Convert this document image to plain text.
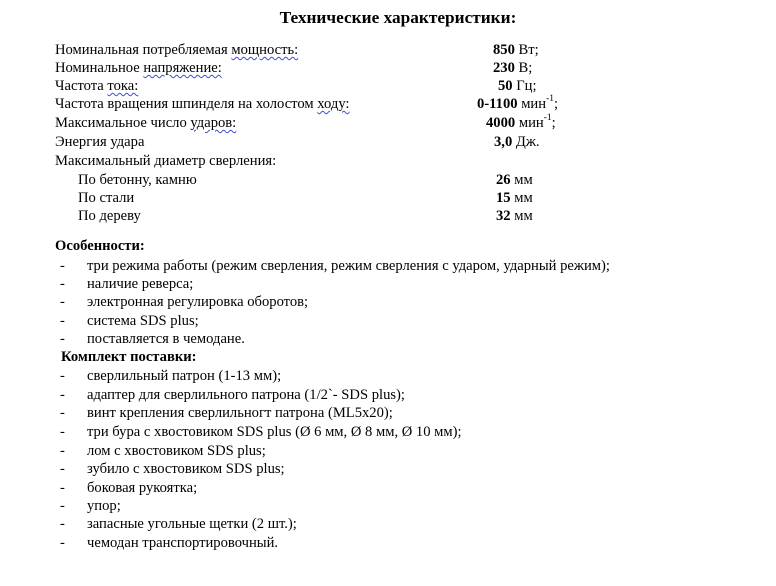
Технические характеристики:
Номинальная потребляемая мощность:	850 Вт;
Номинальное напряжение:	230 В;
Частота тока:	50 Гц;
Частота вращения шпинделя на холостом ходу:	0-1100 мин$^{-1}$;
Максимальное число ударов:	4000 мин$^{-1}$;
Энергия удара	3,0 Дж.
Максимальный диаметр сверления:
По бетонну, камню	26 мм
По стали	15 мм
По дереву	32 мм
Особенности:
- три режима работы (режим сверления, режим сверления с ударом, ударный режим);
- наличие реверса;
- электронная регулировка оборотов;
- система SDS plus;
- поставляется в чемодане.
Комплект поставки:
- сверлильный патрон (1-13 мм);
- адаптер для сверлильного патрона (1/2`- SDS plus);
- винт крепления сверлильногт патрона (ML5x20);
- три бура с хвостовиком SDS plus (Ø 6 мм, Ø 8 мм, Ø 10 мм);
- лом с хвостовиком SDS plus;
- зубило с хвостовиком SDS plus;
- боковая рукоятка;
- упор;
- запасные угольные щетки (2 шт.);
- чемодан транспортировочный.
